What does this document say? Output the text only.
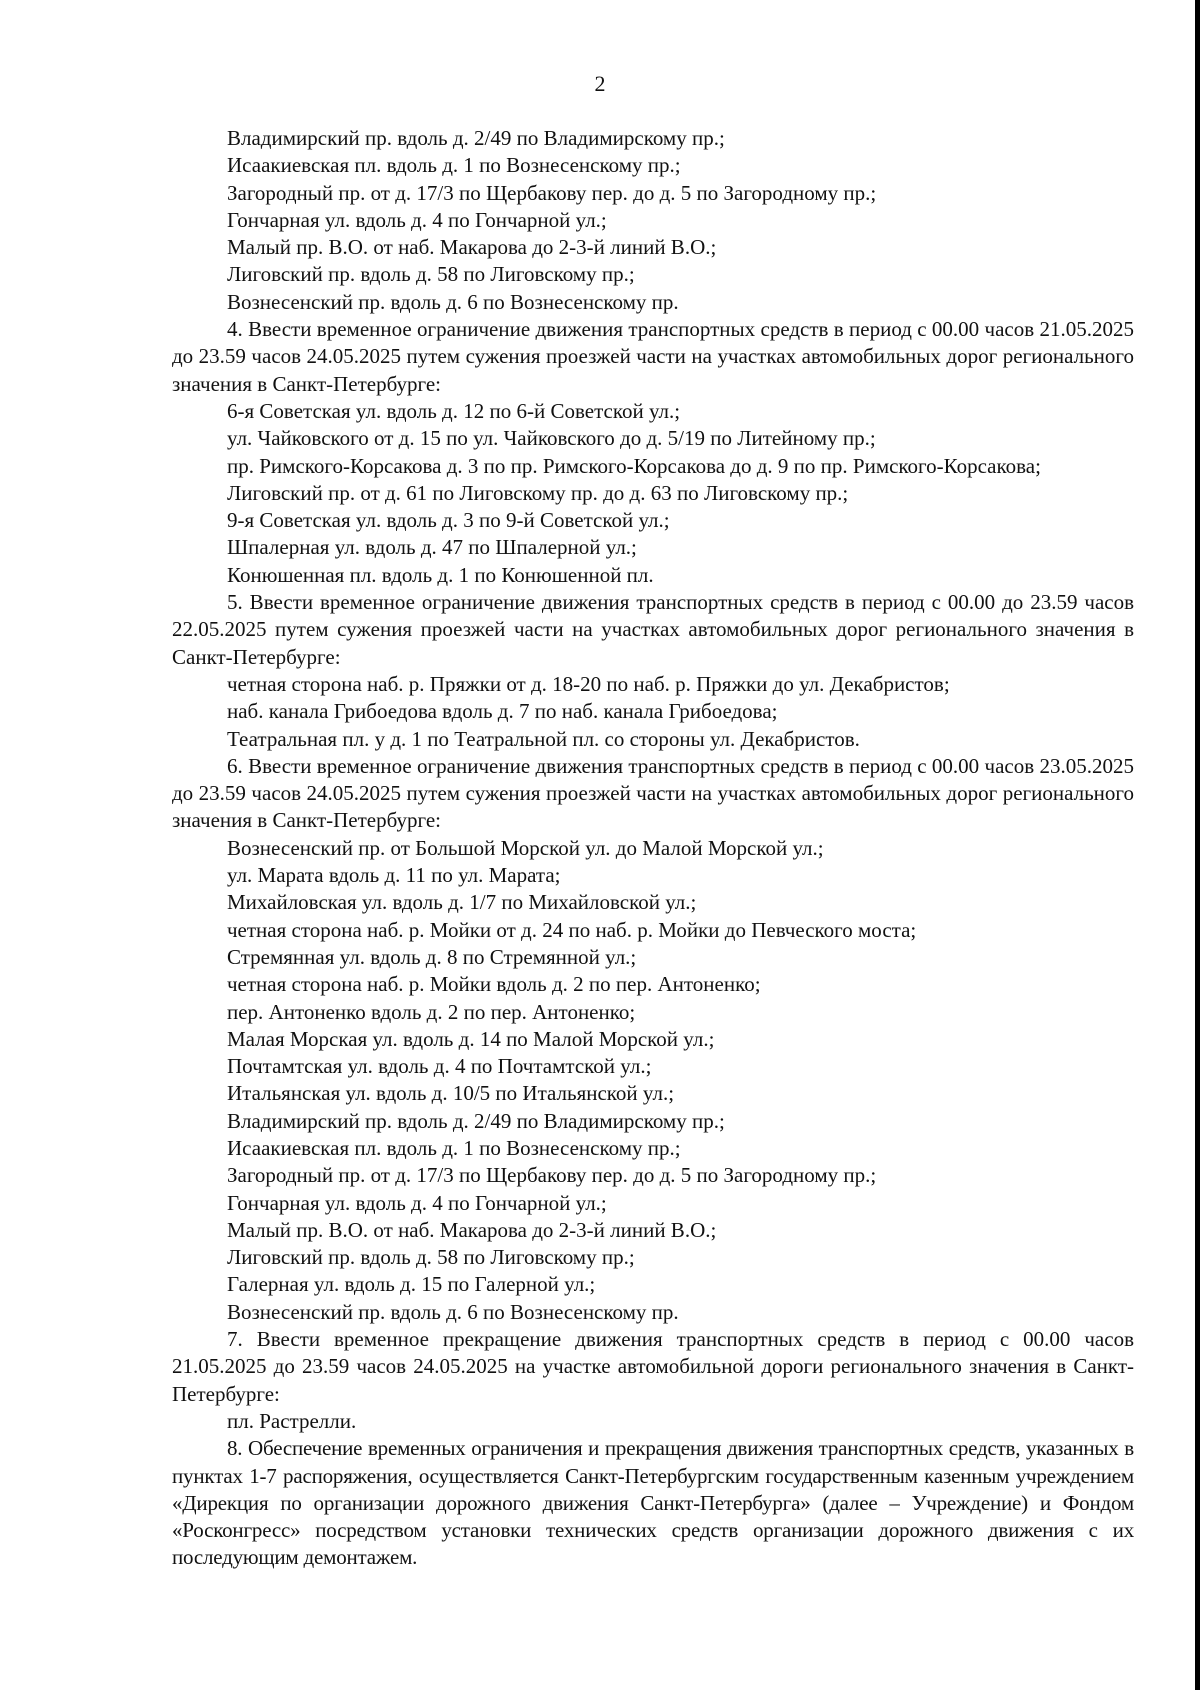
2

Владимирский пр. вдоль д. 2/49 по Владимирскому пр.;

Исаакиевская пл. вдоль д. 1 по Вознесенскому пр.;

Загородный пр. от д. 17/3 по Щербакову пер. до д. 5 по Загородному пр.;

Гончарная ул. вдоль д. 4 по Гончарной ул.;

Малый пр. В.О. от наб. Макарова до 2-3-й линий В.О.;

Лиговский пр. вдоль д. 58 по Лиговскому пр.;

Вознесенский пр. вдоль д. 6 по Вознесенскому пр.

4. Ввести временное ограничение движения транспортных средств в период с 00.00 часов 21.05.2025 до 23.59 часов 24.05.2025 путем сужения проезжей части на участках автомобильных дорог регионального значения в Санкт-Петербурге:

6-я Советская ул. вдоль д. 12 по 6-й Советской ул.;

ул. Чайковского от д. 15 по ул. Чайковского до д. 5/19 по Литейному пр.;

пр. Римского-Корсакова д. 3 по пр. Римского-Корсакова до д. 9 по пр. Римского-Корсакова;

Лиговский пр. от д. 61 по Лиговскому пр. до д. 63 по Лиговскому пр.;

9-я Советская ул. вдоль д. 3 по 9-й Советской ул.;

Шпалерная ул. вдоль д. 47 по Шпалерной ул.;

Конюшенная пл. вдоль д. 1 по Конюшенной пл.

5. Ввести временное ограничение движения транспортных средств в период с 00.00 до 23.59 часов 22.05.2025 путем сужения проезжей части на участках автомобильных дорог регионального значения в Санкт-Петербурге:

четная сторона наб. р. Пряжки от д. 18-20 по наб. р. Пряжки до ул. Декабристов;

наб. канала Грибоедова вдоль д. 7 по наб. канала Грибоедова;

Театральная пл. у д. 1 по Театральной пл. со стороны ул. Декабристов.

6. Ввести временное ограничение движения транспортных средств в период с 00.00 часов 23.05.2025 до 23.59 часов 24.05.2025 путем сужения проезжей части на участках автомобильных дорог регионального значения в Санкт-Петербурге:

Вознесенский пр. от Большой Морской ул. до Малой Морской ул.;

ул. Марата вдоль д. 11 по ул. Марата;

Михайловская ул. вдоль д. 1/7 по Михайловской ул.;

четная сторона наб. р. Мойки от д. 24 по наб. р. Мойки до Певческого моста;

Стремянная ул. вдоль д. 8 по Стремянной ул.;

четная сторона наб. р. Мойки вдоль д. 2 по пер. Антоненко;

пер. Антоненко вдоль д. 2 по пер. Антоненко;

Малая Морская ул. вдоль д. 14 по Малой Морской ул.;

Почтамтская ул. вдоль д. 4 по Почтамтской ул.;

Итальянская ул. вдоль д. 10/5 по Итальянской ул.;

Владимирский пр. вдоль д. 2/49 по Владимирскому пр.;

Исаакиевская пл. вдоль д. 1 по Вознесенскому пр.;

Загородный пр. от д. 17/3 по Щербакову пер. до д. 5 по Загородному пр.;

Гончарная ул. вдоль д. 4 по Гончарной ул.;

Малый пр. В.О. от наб. Макарова до 2-3-й линий В.О.;

Лиговский пр. вдоль д. 58 по Лиговскому пр.;

Галерная ул. вдоль д. 15 по Галерной ул.;

Вознесенский пр. вдоль д. 6 по Вознесенскому пр.

7. Ввести временное прекращение движения транспортных средств в период с 00.00 часов 21.05.2025 до 23.59 часов 24.05.2025 на участке автомобильной дороги регионального значения в Санкт-Петербурге:

пл. Растрелли.

8. Обеспечение временных ограничения и прекращения движения транспортных средств, указанных в пунктах 1-7 распоряжения, осуществляется Санкт-Петербургским государственным казенным учреждением «Дирекция по организации дорожного движения Санкт-Петербурга» (далее – Учреждение) и Фондом «Росконгресс» посредством установки технических средств организации дорожного движения с их последующим демонтажем.
